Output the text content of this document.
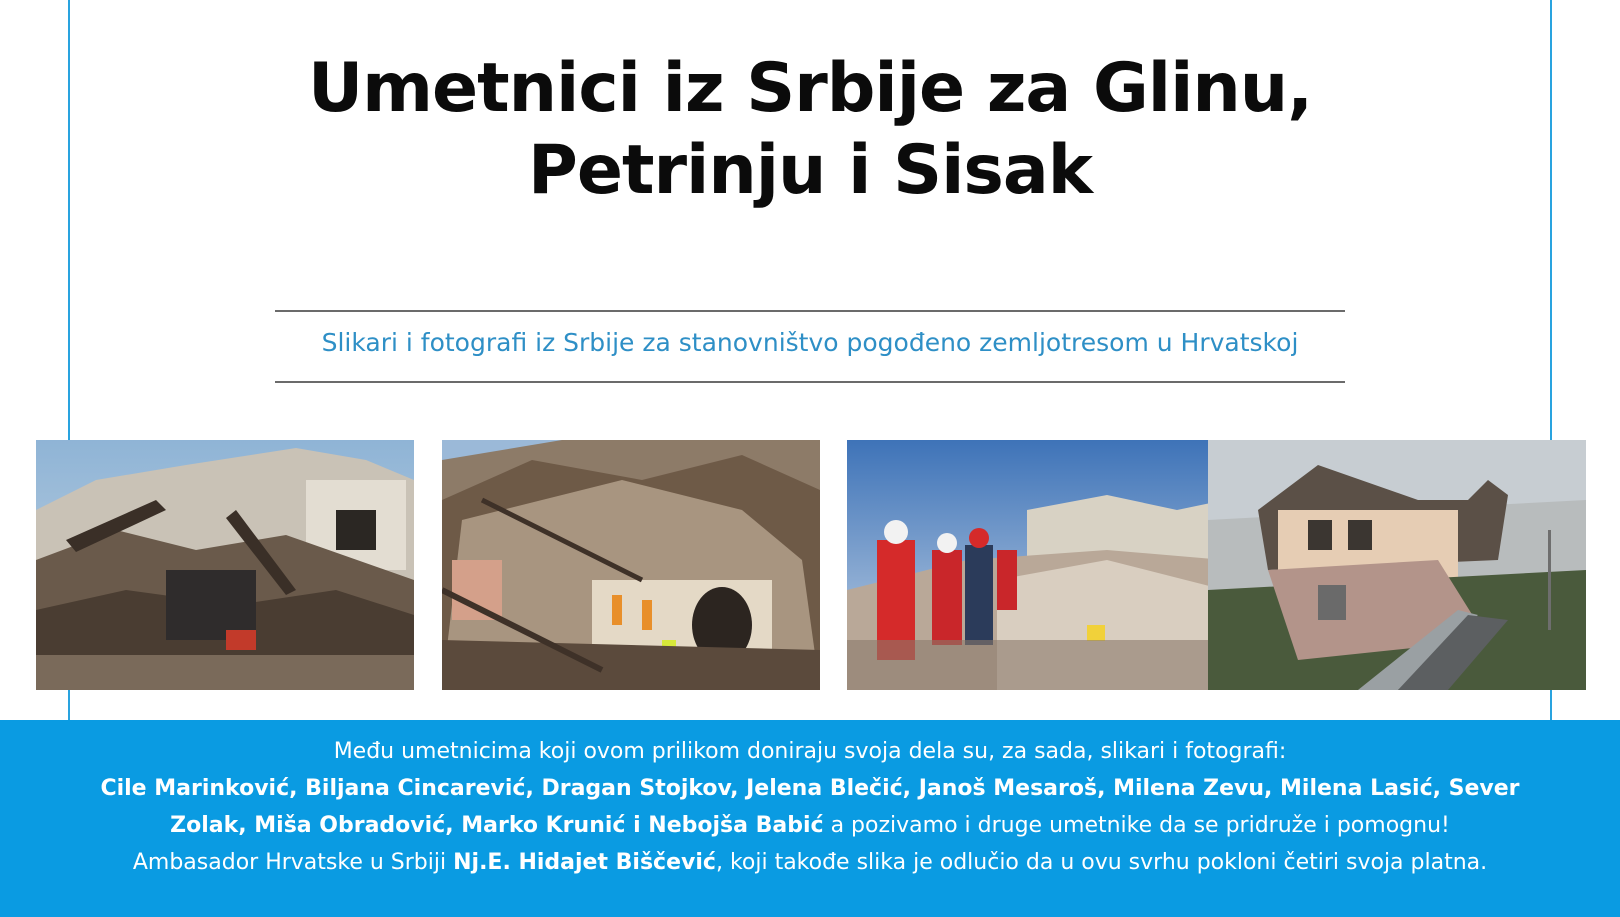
Umetnici iz Srbije za Glinu,
Petrinju i Sisak

Slikari i fotografi iz Srbije za stanovništvo pogođeno zemljotresom u Hrvatskoj

Među umetnicima koji ovom prilikom doniraju svoja dela su, za sada, slikari i fotografi:

Cile Marinković, Biljana Cincarević, Dragan Stojkov, Jelena Blečić, Janoš Mesaroš, Milena Zevu, Milena Lasić, Sever

Zolak, Miša Obradović, Marko Krunić i Nebojša Babić a pozivamo i druge umetnike da se pridruže i pomognu!

Ambasador Hrvatske u Srbiji Nj.E. Hidajet Biščević, koji takođe slika je odlučio da u ovu svrhu pokloni četiri svoja platna.
